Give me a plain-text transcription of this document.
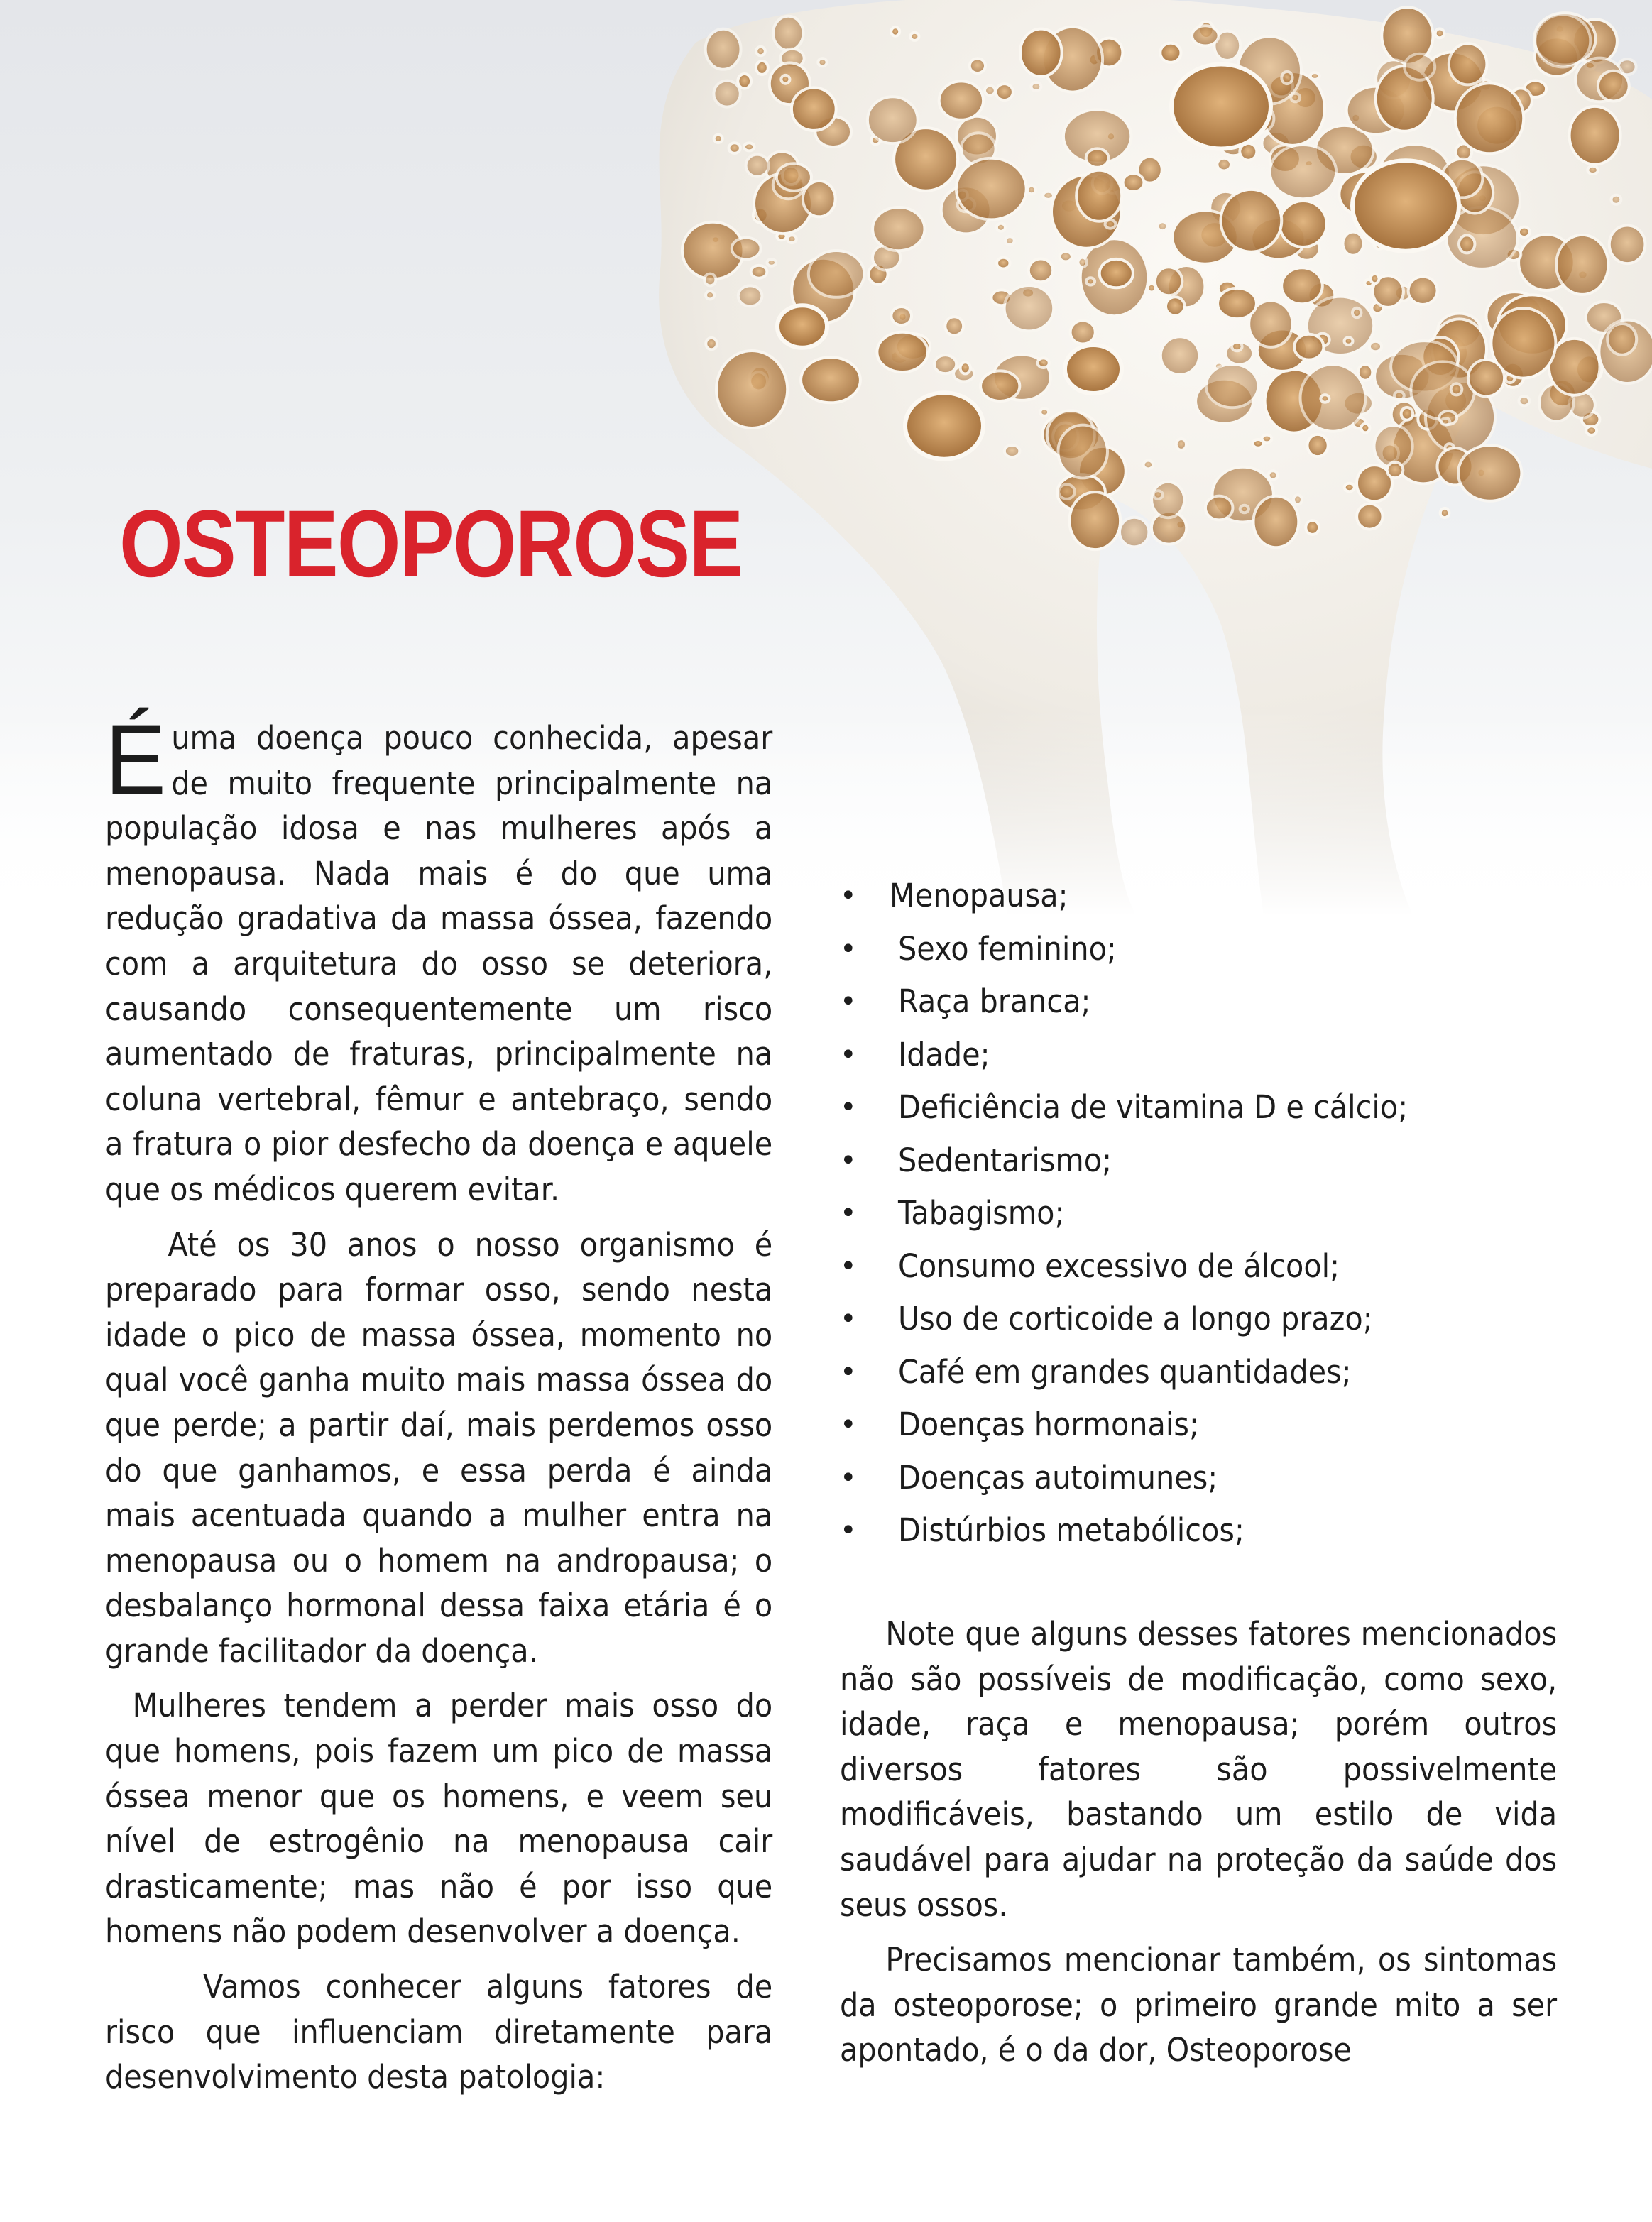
OSTEOPOROSE

Éuma doença pouco conhecida, apesar de muito frequente principalmente na população idosa e nas mulheres após a menopausa. Nada mais é do que uma redução gradativa da massa óssea, fazendo com a arquitetura do osso se deteriora, causando consequentemente um risco aumentado de fraturas, principalmente na coluna vertebral, fêmur e antebraço, sendo a fratura o pior desfecho da doença e aquele que os médicos querem evitar.

Até os 30 anos o nosso organismo é preparado para formar osso, sendo nesta idade o pico de massa óssea, momento no qual você ganha muito mais massa óssea do que perde; a partir daí, mais perdemos osso do que ganhamos, e essa perda é ainda mais acentuada quando a mulher entra na menopausa ou o homem na andropausa; o desbalanço hormonal dessa faixa etária é o grande facilitador da doença.

Mulheres tendem a perder mais osso do que homens, pois fazem um pico de massa óssea menor que os homens, e veem seu nível de estrogênio na menopausa cair drasticamente; mas não é por isso que homens não podem desenvolver a doença.

Vamos conhecer alguns fatores de risco que influenciam diretamente para desenvolvimento desta patologia:

• Menopausa;
• Sexo feminino;
• Raça branca;
• Idade;
• Deficiência de vitamina D e cálcio;
• Sedentarismo;
• Tabagismo;
• Consumo excessivo de álcool;
• Uso de corticoide a longo prazo;
• Café em grandes quantidades;
• Doenças hormonais;
• Doenças autoimunes;
• Distúrbios metabólicos;

Note que alguns desses fatores mencionados não são possíveis de modificação, como sexo, idade, raça e menopausa; porém outros diversos fatores são possivelmente modificáveis, bastando um estilo de vida saudável para ajudar na proteção da saúde dos seus ossos.

Precisamos mencionar também, os sintomas da osteoporose; o primeiro grande mito a ser apontado, é o da dor, Osteoporose
